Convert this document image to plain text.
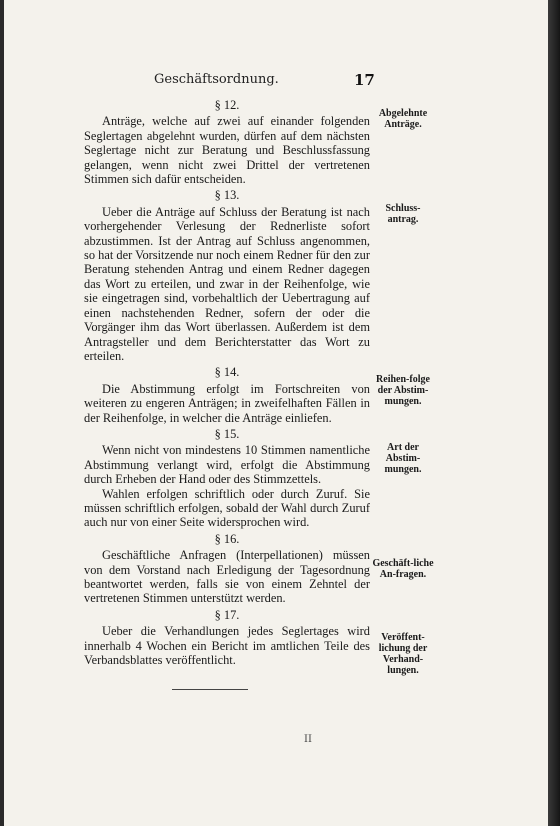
Geschäftsordnung.	17
§ 12.

Anträge, welche auf zwei auf einander folgenden Seglertagen abgelehnt wurden, dürfen auf dem nächsten Seglertage nicht zur Beratung und Beschlussfassung gelangen, wenn nicht zwei Drittel der vertretenen Stimmen sich dafür entscheiden.

§ 13.

Ueber die Anträge auf Schluss der Beratung ist nach vorhergehender Verlesung der Rednerliste sofort abzustimmen. Ist der Antrag auf Schluss angenommen, so hat der Vorsitzende nur noch einem Redner für den zur Beratung stehenden Antrag und einem Redner dagegen das Wort zu erteilen, und zwar in der Reihenfolge, wie sie eingetragen sind, vorbehaltlich der Uebertragung auf einen nachstehenden Redner, sofern der oder die Vorgänger ihm das Wort überlassen. Außerdem ist dem Antragsteller und dem Berichterstatter das Wort zu erteilen.

§ 14.

Die Abstimmung erfolgt im Fortschreiten von weiteren zu engeren Anträgen; in zweifelhaften Fällen in der Reihenfolge, in welcher die Anträge einliefen.

§ 15.

Wenn nicht von mindestens 10 Stimmen namentliche Abstimmung verlangt wird, erfolgt die Abstimmung durch Erheben der Hand oder des Stimmzettels.

Wahlen erfolgen schriftlich oder durch Zuruf. Sie müssen schriftlich erfolgen, sobald der Wahl durch Zuruf auch nur von einer Seite widersprochen wird.

§ 16.

Geschäftliche Anfragen (Interpellationen) müssen von dem Vorstand nach Erledigung der Tagesordnung beantwortet werden, falls sie von einem Zehntel der vertretenen Stimmen unterstützt werden.

§ 17.

Ueber die Verhandlungen jedes Seglertages wird innerhalb 4 Wochen ein Bericht im amtlichen Teile des Verbandsblattes veröffentlicht.

Abgelehnte Anträge.
Schluss-antrag.
Reihen-folge der Abstim-mungen.
Art der Abstim-mungen.
Geschäft-liche An-fragen.
Veröffent-lichung der Verhand-lungen.
II
